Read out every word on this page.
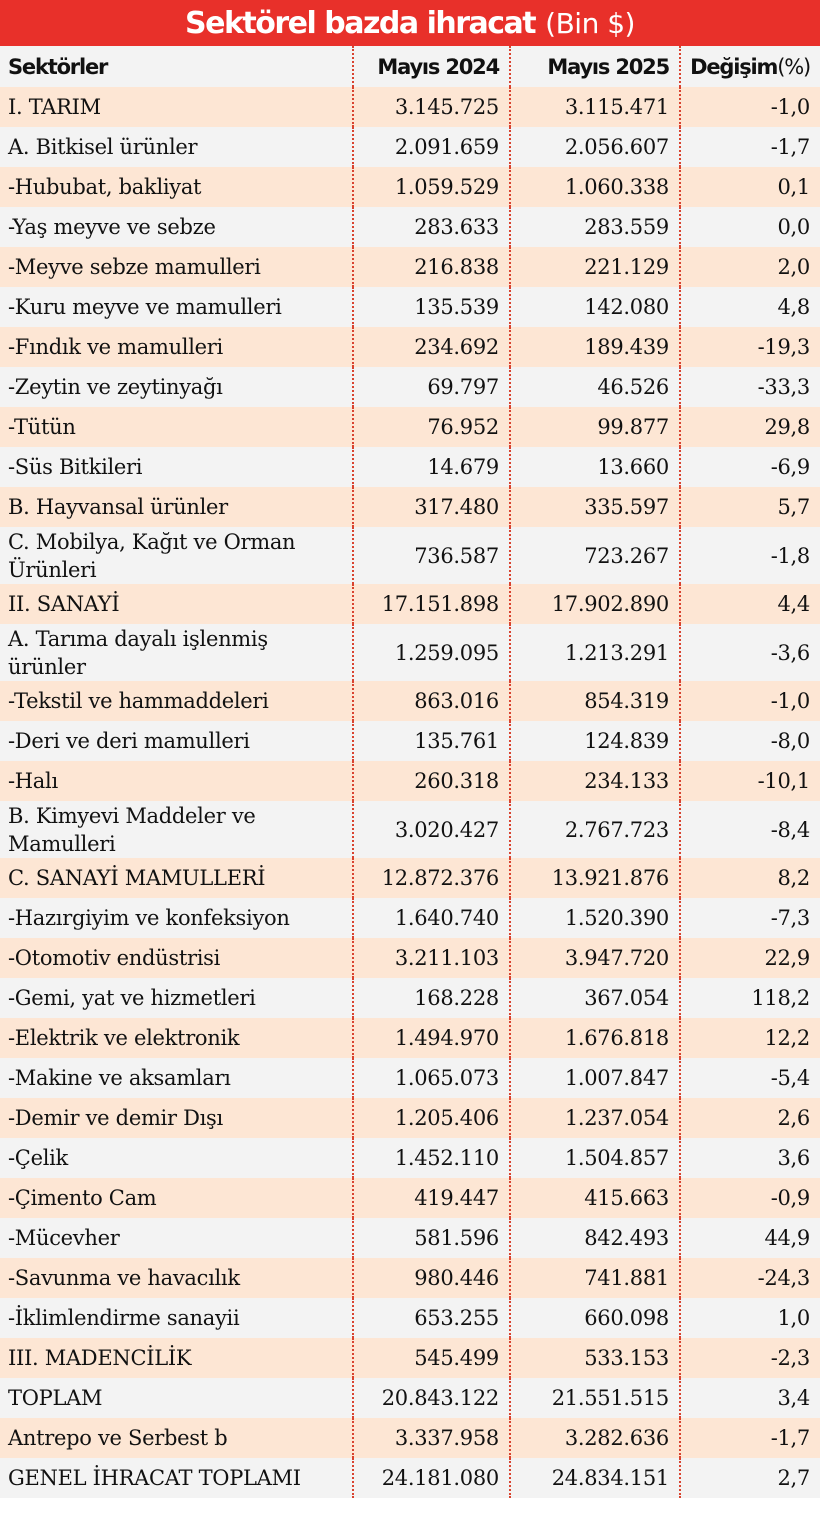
Sektörel bazda ihracat (Bin $)
Sektörler	Mayıs 2024	Mayıs 2025	Değişim(%)
I. TARIM	3.145.725	3.115.471	-1,0
A. Bitkisel ürünler	2.091.659	2.056.607	-1,7
-Hububat, bakliyat	1.059.529	1.060.338	0,1
-Yaş meyve ve sebze	283.633	283.559	0,0
-Meyve sebze mamulleri	216.838	221.129	2,0
-Kuru meyve ve mamulleri	135.539	142.080	4,8
-Fındık ve mamulleri	234.692	189.439	-19,3
-Zeytin ve zeytinyağı	69.797	46.526	-33,3
-Tütün	76.952	99.877	29,8
-Süs Bitkileri	14.679	13.660	-6,9
B. Hayvansal ürünler	317.480	335.597	5,7
C. Mobilya, Kağıt ve Orman Ürünleri	736.587	723.267	-1,8
II. SANAYİ	17.151.898	17.902.890	4,4
A. Tarıma dayalı işlenmiş ürünler	1.259.095	1.213.291	-3,6
-Tekstil ve hammaddeleri	863.016	854.319	-1,0
-Deri ve deri mamulleri	135.761	124.839	-8,0
-Halı	260.318	234.133	-10,1
B. Kimyevi Maddeler ve Mamulleri	3.020.427	2.767.723	-8,4
C. SANAYİ MAMULLERİ	12.872.376	13.921.876	8,2
-Hazırgiyim ve konfeksiyon	1.640.740	1.520.390	-7,3
-Otomotiv endüstrisi	3.211.103	3.947.720	22,9
-Gemi, yat ve hizmetleri	168.228	367.054	118,2
-Elektrik ve elektronik	1.494.970	1.676.818	12,2
-Makine ve aksamları	1.065.073	1.007.847	-5,4
-Demir ve demir Dışı	1.205.406	1.237.054	2,6
-Çelik	1.452.110	1.504.857	3,6
-Çimento Cam	419.447	415.663	-0,9
-Mücevher	581.596	842.493	44,9
-Savunma ve havacılık	980.446	741.881	-24,3
-İklimlendirme sanayii	653.255	660.098	1,0
III. MADENCİLİK	545.499	533.153	-2,3
TOPLAM	20.843.122	21.551.515	3,4
Antrepo ve Serbest b	3.337.958	3.282.636	-1,7
GENEL İHRACAT TOPLAMI	24.181.080	24.834.151	2,7
